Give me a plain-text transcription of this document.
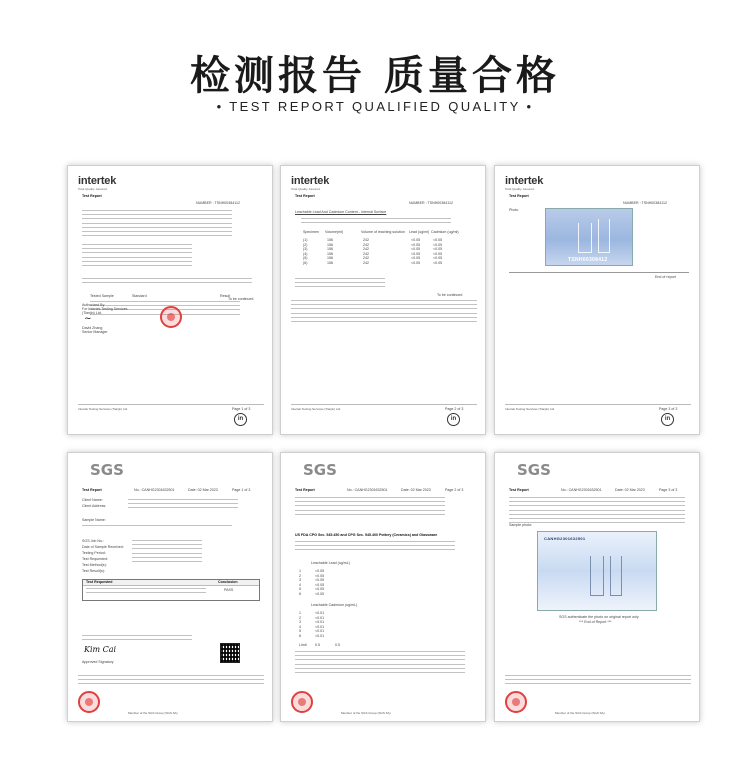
检测报告 质量合格
• TEST REPORT QUALIFIED QUALITY •
intertek
Total Quality. Assured.
Test Report
NUMBER : TSNH00384112
Tested Sample	Standard	Result
To be continued
Authorized By
For Intertek Testing Services
(Tianjin) Ltd.
~
David Zhang
Senior Manager
Intertek Testing Services (Tianjin) Ltd.	Page 1 of 3
in
intertek
Total Quality. Assured.
Test Report
NUMBER : TSNH00384112
Leachable Lead And Cadmium Content - Internal Surface
Specimen Volume(ml)	Volume of leaching solution Lead (ug/ml) Cadmium (ug/ml)
(1)	156	242	<0.05	<0.05
(2)	156	242	<0.05	<0.05
(3)	156	242	<0.05	<0.05
(4)	156	242	<0.05	<0.05
(5)	156	242	<0.05	<0.05
(6)	156	242	<0.05	<0.05
To be continued
Intertek Testing Services (Tianjin) Ltd.	Page 2 of 3
in
intertek
Total Quality. Assured.
Test Report
NUMBER : TSNH00384112
Photo
TSNH00308412
End of report
Intertek Testing Services (Tianjin) Ltd.	Page 3 of 3
in
SGS
Test Report	No.: CANHG2301632501	Date: 02 Mar 2023	Page 1 of 3
Client Name:
Client Address:
Sample Name:
SGS Job No.:
Date of Sample Received:
Testing Period:
Test Requested:
Test Method(s):
Test Result(s):
Test Requested	Conclusion
PASS
Kim Cai
Approved Signatory
Member of the SGS Group (SGS SA)
SGS
Test Report	No.: CANHG2301632501	Date: 02 Mar 2023	Page 2 of 3
US FDA CPG Sec. 545.450 and CPG Sec. 545.400 Pottery (Ceramics) and Glassware
Leachable Lead (ug/mL)
Leachable Cadmium (ug/mL)
1	<0.05
2	<0.05
3	<0.05
4	<0.05
5	<0.05
6	<0.05
1	<0.01
2	<0.01
3	<0.01
4	<0.01
5	<0.01
6	<0.01
Limit 0.5	0.5
Member of the SGS Group (SGS SA)
SGS
Test Report	No.: CANHG2301632501	Date: 02 Mar 2023	Page 3 of 3
Sample photo:
CANHG2301632501
SGS authenticate the photo on original report only
*** End of Report ***
Member of the SGS Group (SGS SA)
